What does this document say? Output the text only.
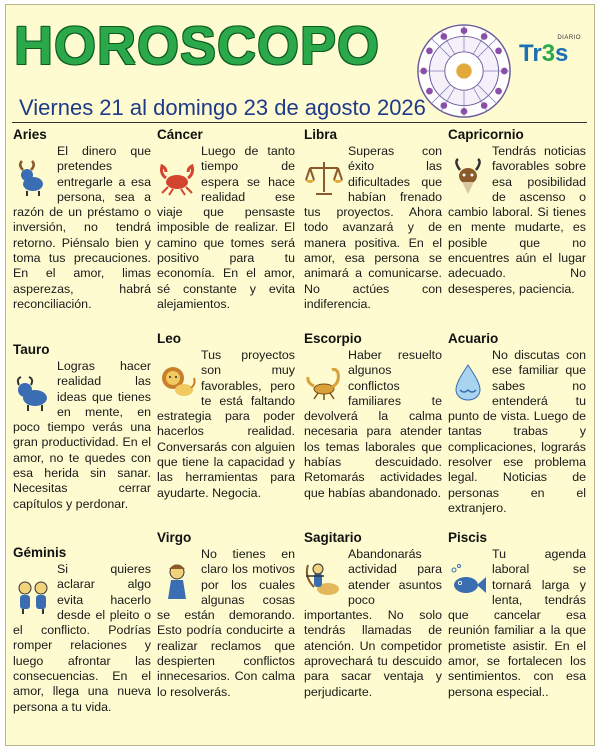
HOROSCOPO	DIARIO
Tr3s
Viernes 21 al domingo 23 de agosto 2026
Aries

El dinero que pretendes entregarle a esa persona, sea a razón de un préstamo o inversión, no tendrá retorno. Piénsalo bien y toma tus precauciones. En el amor, limas asperezas, habrá reconciliación.

Tauro

Logras hacer realidad las ideas que tienes en mente, en poco tiempo verás una gran productividad. En el amor, no te quedes con esa herida sin sanar. Necesitas cerrar capítulos y perdonar.

Géminis

Si quieres aclarar algo evita hacerlo desde el pleito o el conflicto. Podrías romper relaciones y luego afrontar las consecuencias. En el amor, llega una nueva persona a tu vida.

Cáncer

Luego de tanto tiempo de espera se hace realidad ese viaje que pensaste imposible de realizar. El camino que tomes será positivo para tu economía. En el amor, sé constante y evita alejamientos.

Leo

Tus proyectos son muy favorables, pero te está faltando estrategia para poder hacerlos realidad. Conversarás con alguien que tiene la capacidad y las herramientas para ayudarte. Negocia.

Virgo

No tienes en claro los motivos por los cuales algunas cosas se están demorando. Esto podría conducirte a realizar reclamos que despierten conflictos innecesarios. Con calma lo resolverás.

Libra

Superas con éxito las dificultades que habían frenado tus proyectos. Ahora todo avanzará y de manera positiva. En el amor, esa persona se animará a comunicarse. No actúes con indiferencia.

Escorpio

Haber resuelto algunos conflictos familiares te devolverá la calma necesaria para atender los temas laborales que habías descuidado. Retomarás actividades que habías abandonado.

Sagitario

Abandonarás actividad para atender asuntos poco importantes. No solo tendrás llamadas de atención. Un competidor aprovechará tu descuido para sacar ventaja y perjudicarte.

Capricornio

Tendrás noticias favorables sobre esa posibilidad de ascenso o cambio laboral. Si tienes en mente mudarte, es posible que no encuentres aún el lugar adecuado. No desesperes, paciencia.

Acuario

No discutas con ese familiar que sabes no entenderá tu punto de vista. Luego de tantas trabas y complicaciones, lograrás resolver ese problema legal. Noticias de personas en el extranjero.

Piscis

Tu agenda laboral se tornará larga y lenta, tendrás que cancelar esa reunión familiar a la que prometiste asistir. En el amor, se fortalecen los sentimientos. con esa persona especial..
